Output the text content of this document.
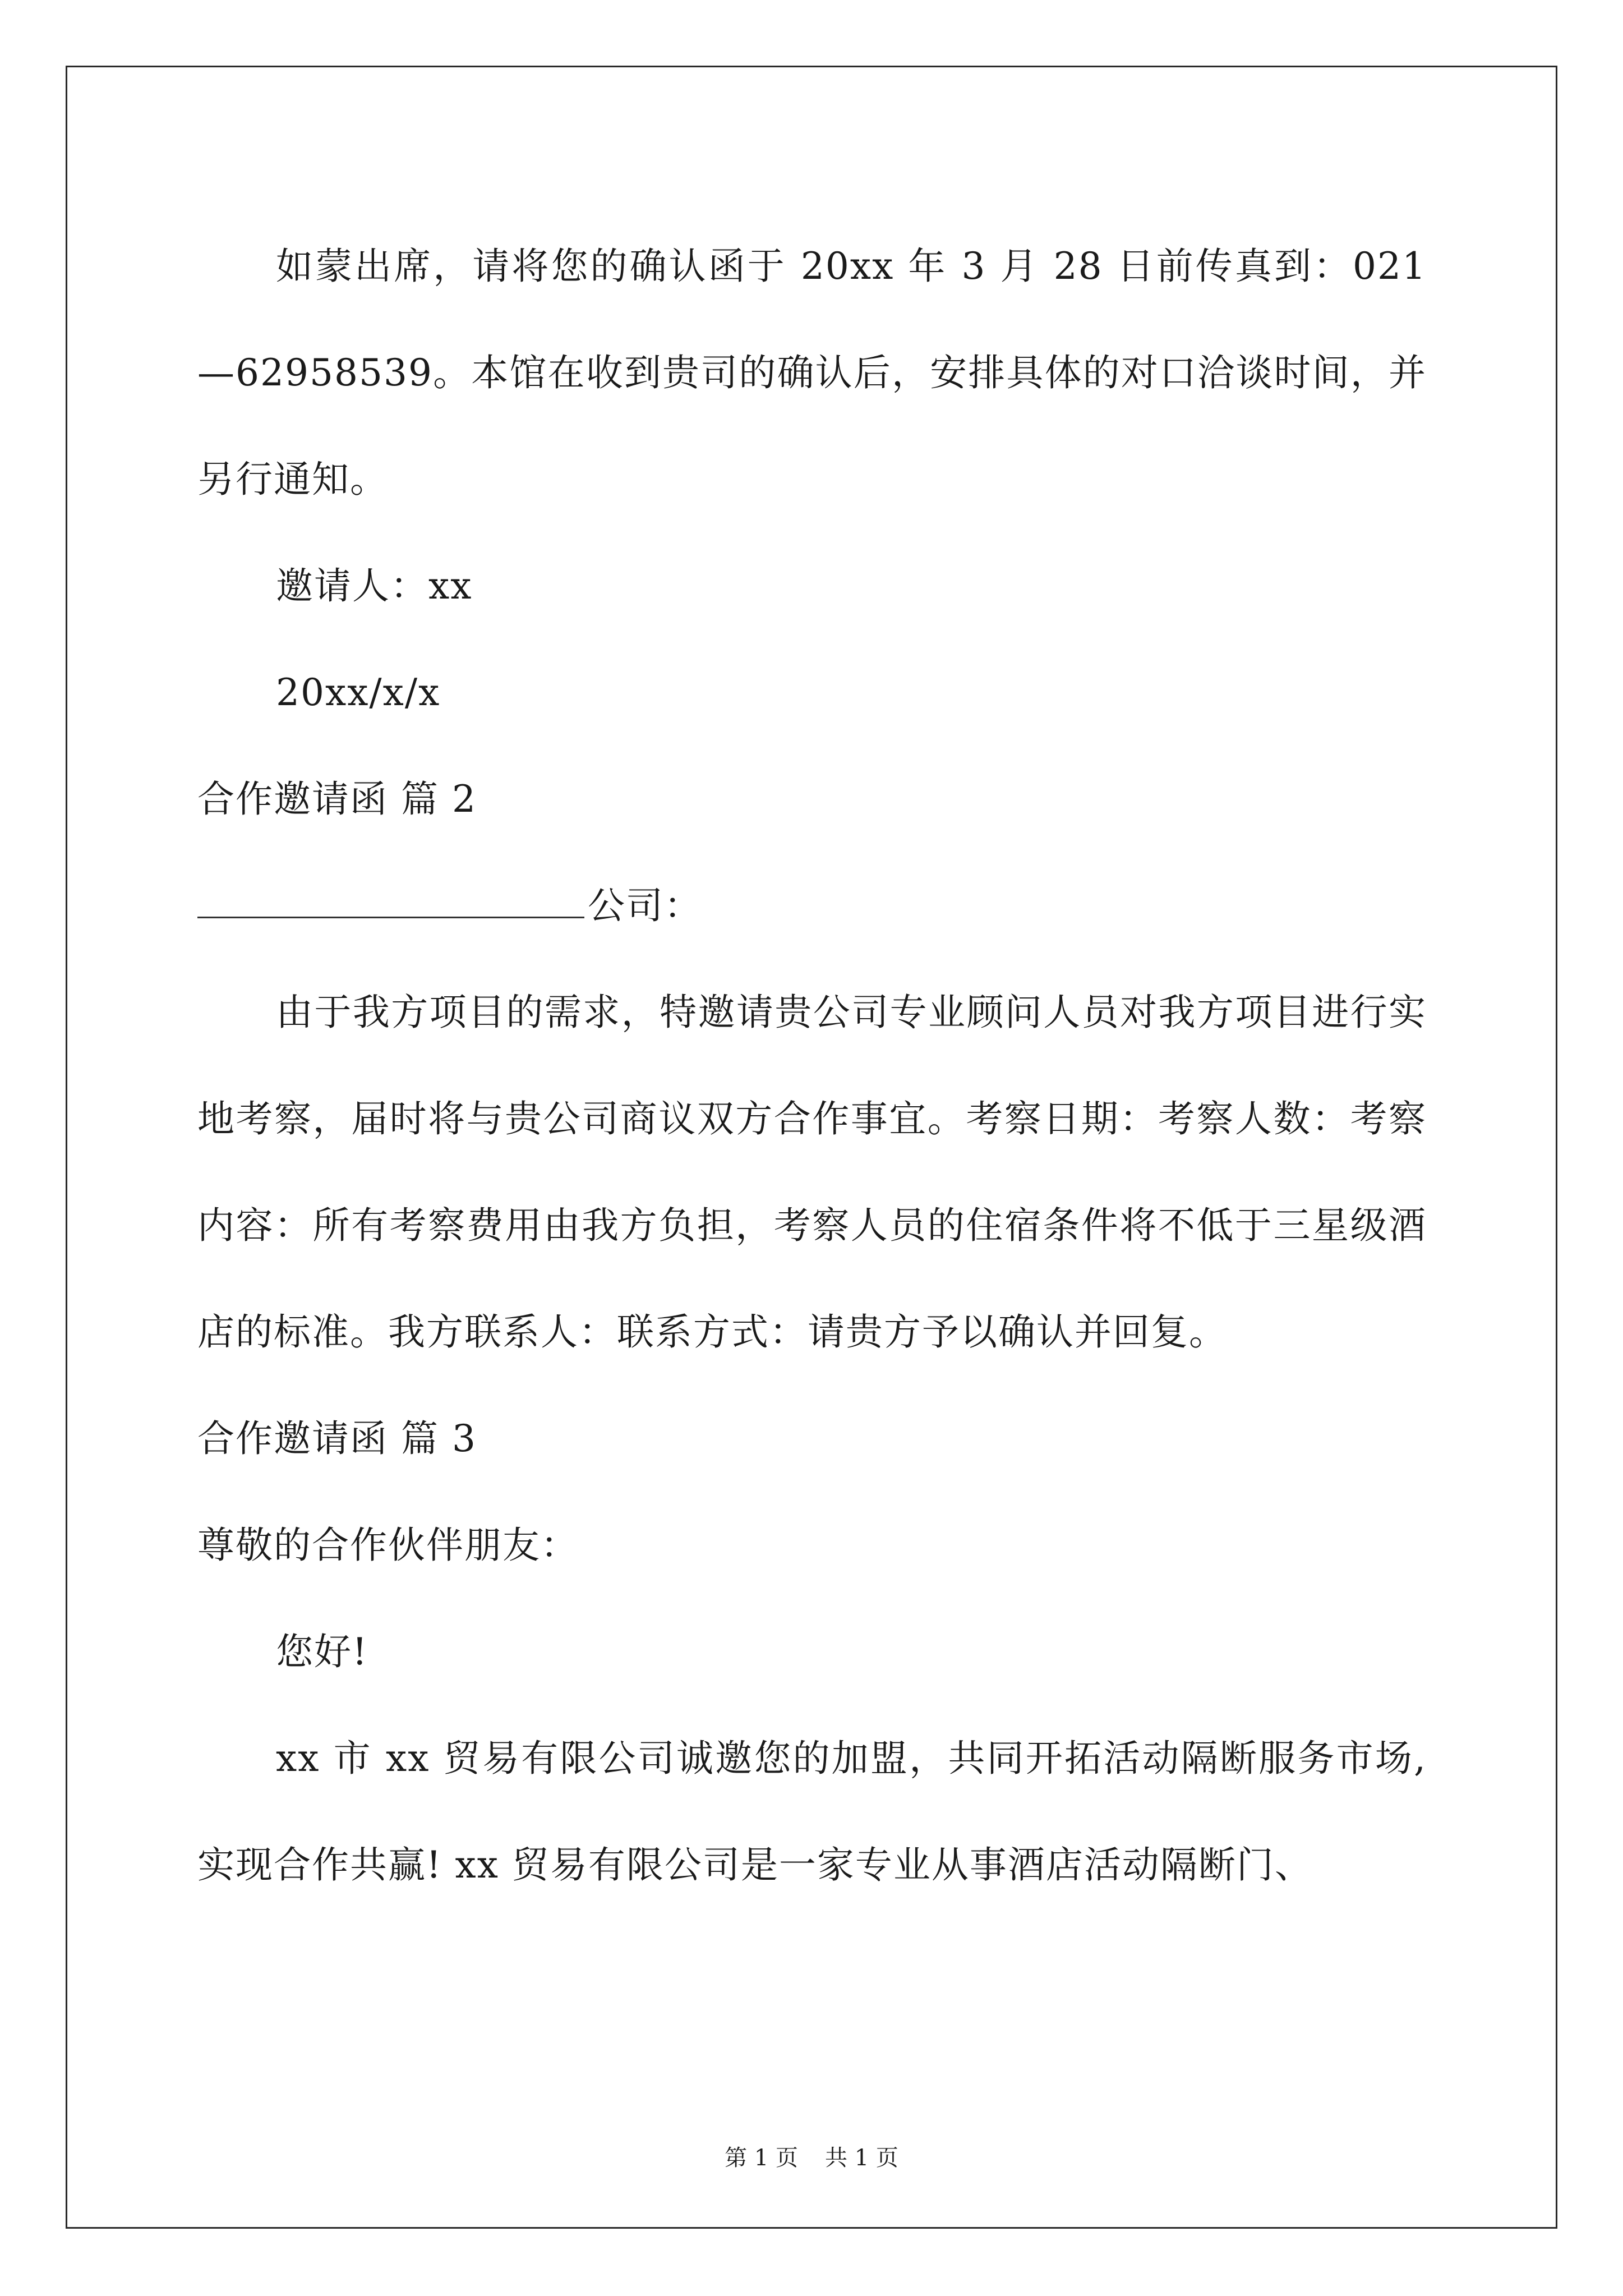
如蒙出席，请将您的确认函于 20xx 年 3 月 28 日前传真到：021—62958539。本馆在收到贵司的确认后，安排具体的对口洽谈时间，并另行通知。

邀请人：xx

20xx/x/x

合作邀请函 篇 2

公司：

由于我方项目的需求，特邀请贵公司专业顾问人员对我方项目进行实地考察，届时将与贵公司商议双方合作事宜。考察日期：考察人数：考察内容：所有考察费用由我方负担，考察人员的住宿条件将不低于三星级酒店的标准。我方联系人：联系方式：请贵方予以确认并回复。

合作邀请函 篇 3

尊敬的合作伙伴朋友：

您好!

xx 市 xx 贸易有限公司诚邀您的加盟，共同开拓活动隔断服务市场,实现合作共赢! xx 贸易有限公司是一家专业从事酒店活动隔断门、

第 1 页 共 1 页
